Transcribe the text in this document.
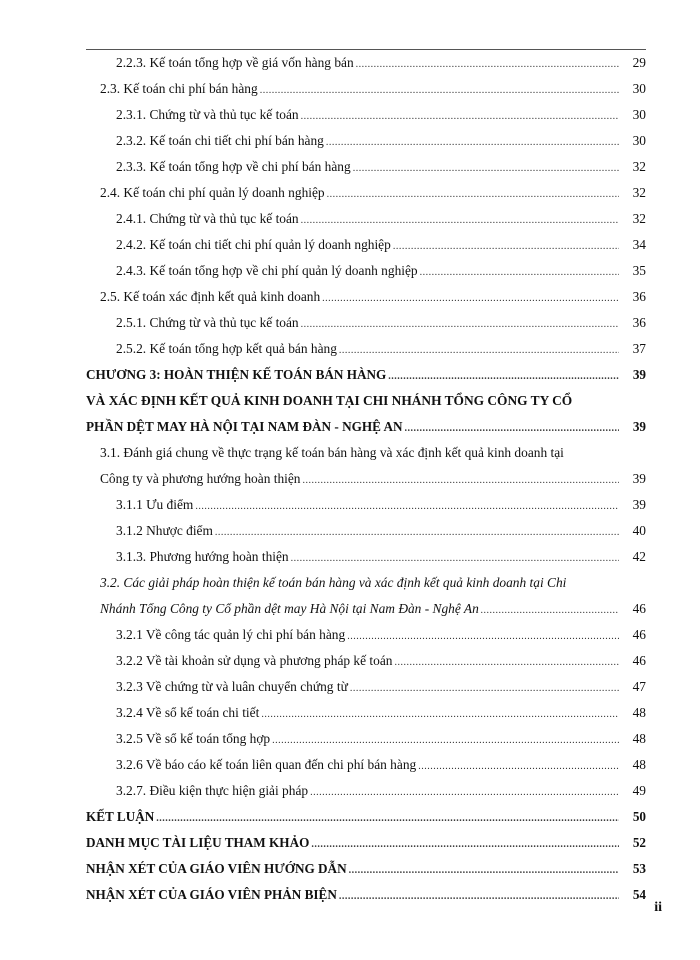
2.2.3. Kế toán tổng hợp về giá vốn hàng bán .....	29
2.3. Kế toán chi phí bán hàng .....	30
2.3.1. Chứng từ và thủ tục kế toán .....	30
2.3.2. Kế toán chi tiết chi phí bán hàng .....	30
2.3.3. Kế toán tổng hợp về chi phí bán hàng .....	32
2.4. Kế toán chi phí quản lý doanh nghiệp .....	32
2.4.1. Chứng từ và thủ tục kế toán .....	32
2.4.2. Kế toán chi tiết chi phí quản lý doanh nghiệp .....	34
2.4.3. Kế toán tổng hợp về chi phí quản lý doanh nghiệp .....	35
2.5. Kế toán xác định kết quả kinh doanh .....	36
2.5.1. Chứng từ và thủ tục kế toán .....	36
2.5.2. Kế toán tổng hợp kết quả bán hàng .....	37
CHƯƠNG 3: HOÀN THIỆN KẾ TOÁN BÁN HÀNG .....	39
VÀ XÁC ĐỊNH KẾT QUẢ KINH DOANH TẠI CHI NHÁNH TỔNG CÔNG TY CỔ
PHẦN DỆT MAY HÀ NỘI TẠI NAM ĐÀN - NGHỆ AN .....	39
3.1. Đánh giá chung về thực trạng kế toán bán hàng và xác định kết quả kinh doanh tại
Công ty và phương hướng hoàn thiện .....	39
3.1.1 Ưu điểm .....	39
3.1.2 Nhược điểm .....	40
3.1.3. Phương hướng hoàn thiện .....	42
3.2. Các giải pháp hoàn thiện kế toán bán hàng và xác định kết quả kinh doanh tại Chi
Nhánh Tổng Công ty Cổ phần dệt may Hà Nội tại Nam Đàn - Nghệ An .....	46
3.2.1 Về công tác quản lý chi phí bán hàng .....	46
3.2.2 Về tài khoản sử dụng và phương pháp kế toán .....	46
3.2.3 Về chứng từ và luân chuyển chứng từ .....	47
3.2.4 Về sổ kế toán chi tiết .....	48
3.2.5 Về sổ kế toán tổng hợp .....	48
3.2.6 Về báo cáo kế toán liên quan đến chi phí bán hàng .....	48
3.2.7. Điều kiện thực hiện giải pháp .....	49
KẾT LUẬN .....	50
DANH MỤC TÀI LIỆU THAM KHẢO .....	52
NHẬN XÉT CỦA GIÁO VIÊN HƯỚNG DẪN .....	53
NHẬN XÉT CỦA GIÁO VIÊN PHẢN BIỆN .....	54
ii
